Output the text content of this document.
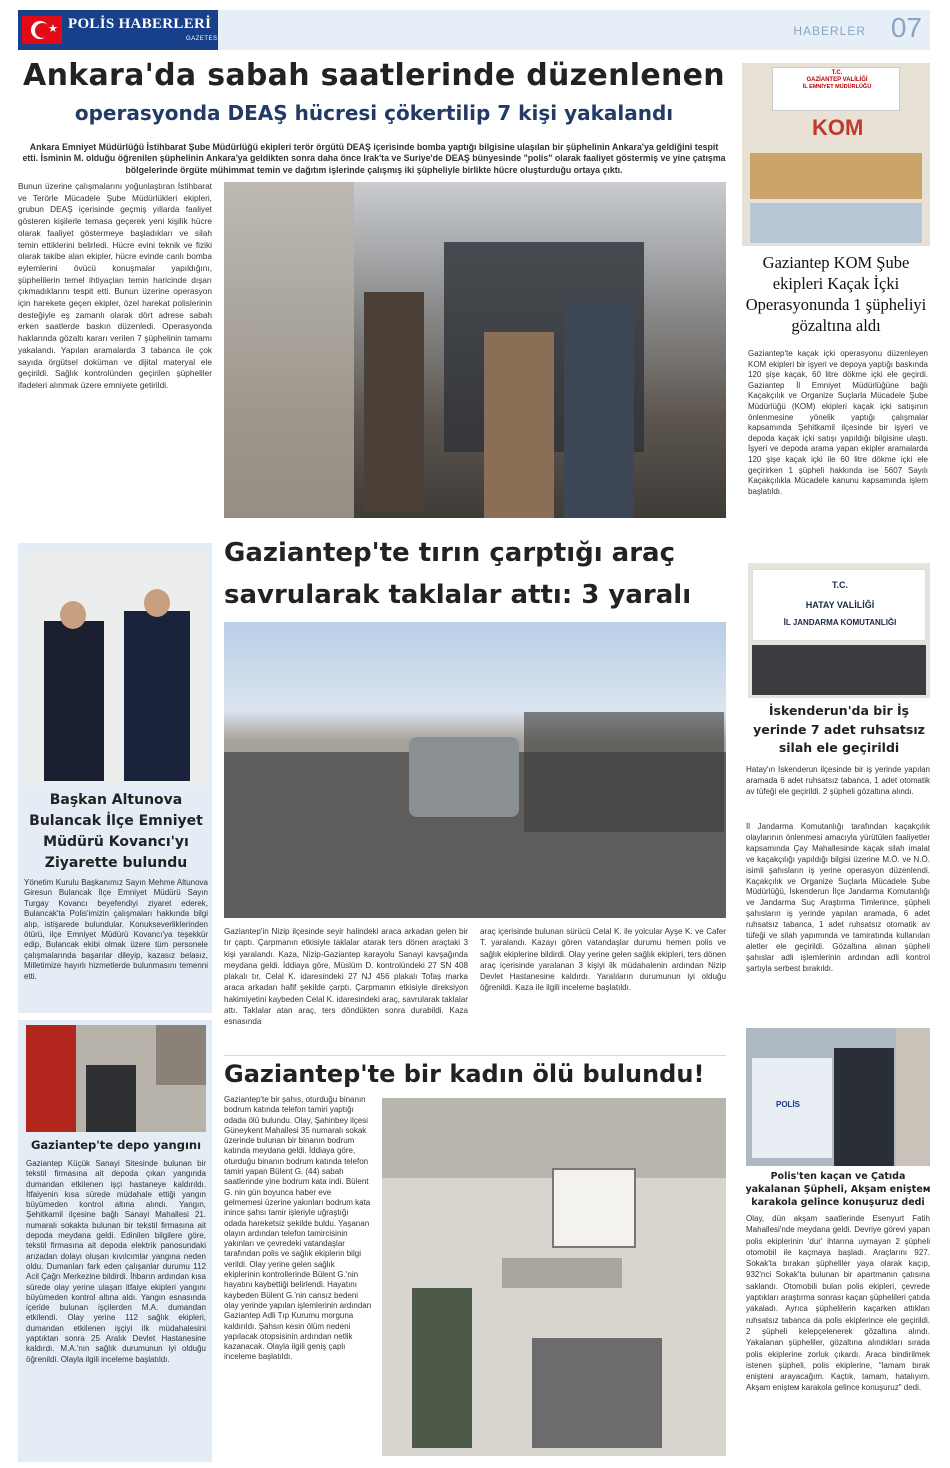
★ POLİS HABERLERİ
GAZETESİ
HABERLER 07
Ankara'da sabah saatlerinde düzenlenen
operasyonda DEAŞ hücresi çökertilip 7 kişi yakalandı

Ankara Emniyet Müdürlüğü İstihbarat Şube Müdürlüğü ekipleri terör örgütü DEAŞ içerisinde bomba yaptığı bilgisine ulaşılan bir şüphelinin Ankara'ya geldiğini tespit etti. İsminin M. olduğu öğrenilen şüphelinin Ankara'ya geldikten sonra daha önce Irak'ta ve Suriye'de DEAŞ bünyesinde "polis" olarak faaliyet göstermiş ve yine çatışma bölgelerinde örgüte mühimmat temin ve dağıtım işlerinde çalışmış iki şüpheliyle birlikte hücre oluşturduğu ortaya çıktı.

Bunun üzerine çalışmalarını yoğunlaştıran İstihbarat ve Terörle Mücadele Şube Müdürlükleri ekipleri, grubun DEAŞ içerisinde geçmiş yıllarda faaliyet gösteren kişilerle temasa geçerek yeni kişilik hücre olarak faaliyet göstermeye başladıkları ve silah temin ettiklerini belirledi. Hücre evini teknik ve fiziki olarak takibe alan ekipler, hücre evinde canlı bomba eylemlerini övücü konuşmalar yapıldığını, şüphelilerin temel ihtiyaçları temin haricinde dışarı çıkmadıklarını tespit etti. Bunun üzerine operasyon için harekete geçen ekipler, özel harekat polislerinin desteğiyle eş zamanlı olarak dört adrese sabah erken saatlerde baskın düzenledi. Operasyonda haklarında gözaltı kararı verilen 7 şüphelinin tamamı yakalandı. Yapılan aramalarda 3 tabanca ile çok sayıda örgütsel doküman ve dijital materyal ele geçirildi. Sağlık kontrolünden geçirilen şüpheliler ifadeleri alınmak üzere emniyete getirildi.

T.C.
GAZİANTEP VALİLİĞİ
İL EMNİYET MÜDÜRLÜĞÜ
KOM
Gaziantep KOM Şube ekipleri Kaçak İçki Operasyonunda 1 şüpheliyi gözaltına aldı

Gaziantep'te kaçak içki operasyonu düzenleyen KOM ekipleri bir işyeri ve depoya yaptığı baskında 120 şişe kaçak, 60 litre dökme içki ele geçirdi. Gaziantep İl Emniyet Müdürlüğüne bağlı Kaçakçılık ve Organize Suçlarla Mücadele Şube Müdürlüğü (KOM) ekipleri kaçak içki satışının önlenmesine yönelik yaptığı çalışmalar kapsamında Şehitkamil ilçesinde bir işyeri ve depoda kaçak içki satışı yapıldığı bilgisine ulaştı. İşyeri ve depoda arama yapan ekipler aramalarda 120 şişe kaçak içki ile 60 litre dökme içki ele geçirirken 1 şüpheli hakkında ise 5607 Sayılı Kaçakçılıkla Mücadele kanunu kapsamında işlem başlatıldı.

Başkan Altunova Bulancak İlçe Emniyet Müdürü Kovancı'yı Ziyarette bulundu

Yönetim Kurulu Başkanımız Sayın Mehme Altunova Giresun Bulancak İlçe Emniyet Müdürü Sayın Turgay Kovancı beyefendiyi ziyaret ederek, Bulancak'ta Polis'imizin çalışmaları hakkında bilgi alıp, istişarede bulundular. Konukseverliklerinden ötürü, ilçe Emniyet Müdürü Kovancı'ya teşekkür edip, Bulancak ekibi olmak üzere tüm personele çalışmalarında başarılar dileyip, kazasız belasız, Milletimize hayırlı hizmetlerde bulunmasını temenni etti.

Gaziantep'te tırın çarptığı araç
savrularak taklalar attı: 3 yaralı

Gaziantep'in Nizip ilçesinde seyir halindeki araca arkadan gelen bir tır çaptı. Çarpmanın etkisiyle taklalar atarak ters dönen araçtaki 3 kişi yaralandı. Kaza, Nizip-Gaziantep karayolu Sanayi kavşağında meydana geldi. İddiaya göre, Müslüm D. kontrolündeki 27 SN 408 plakalı tır, Celal K. idaresindeki 27 NJ 456 plakalı Tofaş marka araca arkadan hafif şekilde çarptı. Çarpmanın etkisiyle direksiyon hakimiyetini kaybeden Celal K. idaresindeki araç, savrularak taklalar attı. Taklalar atan araç, ters döndükten sonra durabildi. Kaza esnasında

araç içerisinde bulunan sürücü Celal K. ile yolcular Ayşe K. ve Cafer T. yaralandı. Kazayı gören vatandaşlar durumu hemen polis ve sağlık ekiplerine bildirdi. Olay yerine gelen sağlık ekipleri, ters dönen araç içerisinde yaralanan 3 kişiyi ilk müdahalenin ardından Nizip Devlet Hastanesine kaldırdı. Yaralıların durumunun iyi olduğu öğrenildi. Kaza ile ilgili inceleme başlatıldı.

T.C.
HATAY VALİLİĞİ
İL JANDARMA KOMUTANLIĞI
İskenderun'da bir İş yerinde 7 adet ruhsatsız silah ele geçirildi

Hatay'ın İskenderun ilçesinde bir iş yerinde yapılan aramada 6 adet ruhsatsız tabanca, 1 adet otomatik av tüfeği ele geçirildi. 2 şüpheli gözaltına alındı.

İl Jandarma Komutanlığı tarafından kaçakçılık olaylarının önlenmesi amacıyla yürütülen faaliyetler kapsamında Çay Mahallesinde kaçak silah imalat ve kaçakçılığı yapıldığı bilgisi üzerine M.Ö. ve N.Ö. isimli şahısların iş yerine operasyon düzenlendi. Kaçakçılık ve Organize Suçlarla Mücadele Şube Müdürlüğü, İskenderun İlçe Jandarma Komutanlığı ve Jandarma Suç Araştırma Timlerince, şüpheli şahısların iş yerinde yapılan aramada, 6 adet ruhsatsız tabanca, 1 adet ruhsatsız otomatik av tüfeği ve silah yapımında ve tamiratında kullanılan aletler ele geçirildi. Gözaltına alınan şüpheli şahıslar adli işlemlerinin ardından adli kontrol şartıyla serbest bırakıldı.

Gaziantep'te depo yangını

Gaziantep Küçük Sanayi Sitesinde bulunan bir tekstil firmasına ait depoda çıkan yangında dumandan etkilenen işçi hastaneye kaldırıldı. İtfaiyenin kısa sürede müdahale ettiği yangın büyümeden kontrol altına alındı. Yangın, Şehitkamil ilçesine bağlı Sanayi Mahallesi 21. numaralı sokakta bulunan bir tekstil firmasına ait depoda meydana geldi. Edinilen bilgilere göre, tekstil firmasına ait depoda elektrik panosundaki arızadan dolayı oluşan kıvılcımlar yangına neden oldu. Dumanları fark eden çalışanlar durumu 112 Acil Çağrı Merkezine bildirdi. İhbarın ardından kısa sürede olay yerine ulaşan itfaiye ekipleri yangını büyümeden kontrol altına aldı. Yangın esnasında içeride bulunan işçilerden M.A. dumandan etkilendi. Olay yerine 112 sağlık ekipleri, dumandan etkilenen işçiyi ilk müdahalesini yaptıktan sonra 25 Aralık Devlet Hastanesine kaldırdı. M.A.'nın sağlık durumunun iyi olduğu öğrenildi. Olayla ilgili inceleme başlatıldı.

Gaziantep'te bir kadın ölü bulundu!

Gaziantep'te bir şahıs, oturduğu binanın bodrum katında telefon tamiri yaptığı odada ölü bulundu. Olay, Şahinbey ilçesi Güneykent Mahallesi 35 numaralı sokak üzerinde bulunan bir binanın bodrum katında meydana geldi. İddiaya göre, oturduğu binanın bodrum katında telefon tamiri yapan Bülent G. (44) sabah saatlerinde yine bodrum kata indi. Bülent G. nin gün boyunca haber eve gelmemesi üzerine yakınları bodrum kata inince şahsı tamir işleriyle uğraştığı odada hareketsiz şekilde buldu. Yaşanan olayın ardından telefon tamircisinin yakınları ve çevredeki vatandaşlar tarafından polis ve sağlık ekiplerin bilgi verildi. Olay yerine gelen sağlık ekiplerinin kontrollerinde Bülent G.'nin hayatını kaybettiği belirlendi. Hayatını kaybeden Bülent G.'nin cansız bedeni olay yerinde yapılan işlemlerinin ardından Gaziantep Adli Tıp Kurumu morguna kaldırıldı. Şahsın kesin ölüm nedeni yapılacak otopsisinin ardından netlik kazanacak. Olayla ilgili geniş çaplı inceleme başlatıldı.

POLİS
Polis'ten kaçan ve Çatıda yakalanan Şüpheli, Akşam enişteм karakola gelince konuşuruz dedi

Olay, dün akşam saatlerinde Esenyurt Fatih Mahallesi'nde meydana geldi. Devriye görevi yapan polis ekiplerinin 'dur' ihtarına uymayan 2 şüpheli otomobil ile kaçmaya başladı. Araçlarını 927. Sokak'ta bırakan şüpheliler yaya olarak kaçıp, 932'nci Sokak'ta bulunan bir apartmanın çatısına saklandı. Otomobili bulan polis ekipleri, çevrede yaptıkları araştırma sonrası kaçan şüphelileri çatıda yakaladı. Ayrıca şüphelilerin kaçarken attıkları ruhsatsız tabanca da polis ekiplerince ele geçirildi. 2 şüpheli kelepçelenerek gözaltına alındı. Yakalanan şüpheliler, gözaltına alındıkları sırada polis ekiplerine zorluk çıkardı. Araca bindirilmek istenen şüpheli, polis ekiplerine, "lamam bırak enişteni arayacağım. Kaçtık, tamam, hatalıyım. Akşam enişteм karakola gelince konuşuruz" dedi.
